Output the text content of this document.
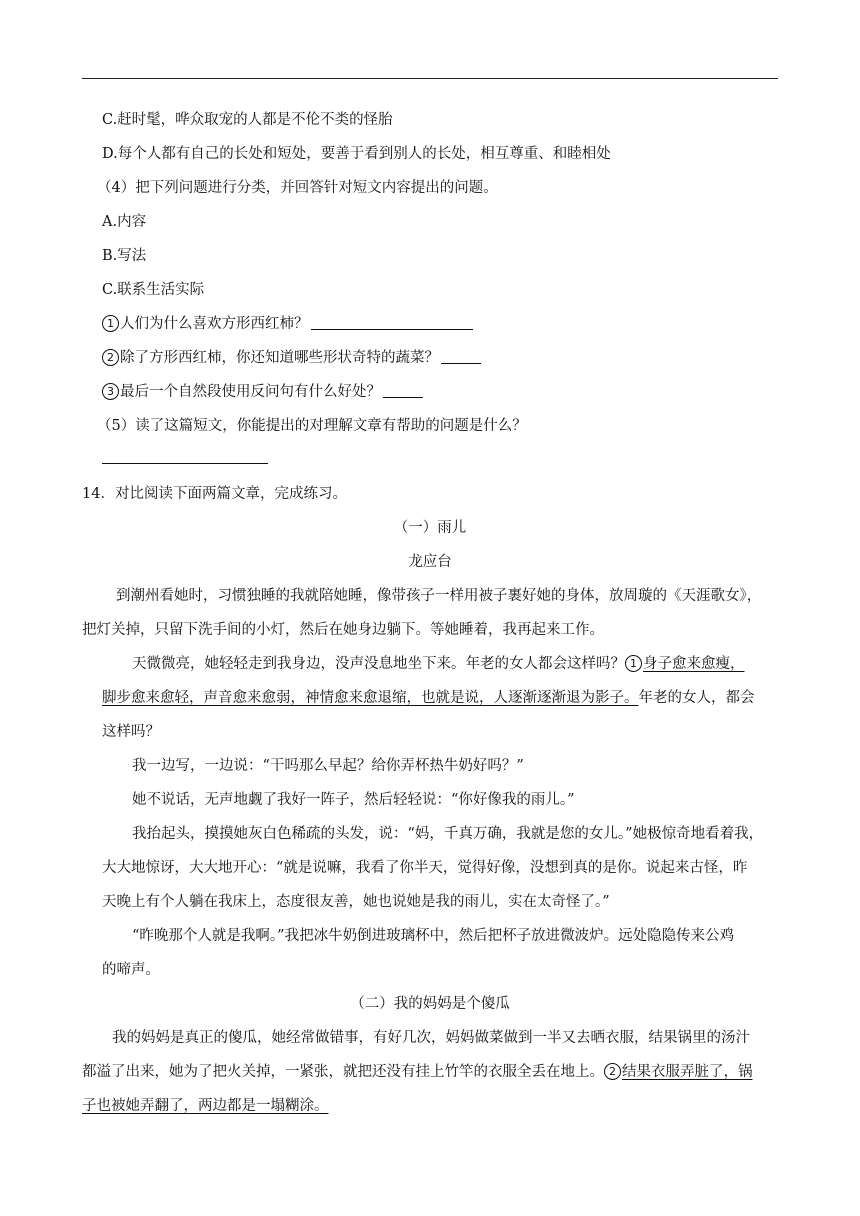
C.赶时髦，哗众取宠的人都是不伦不类的怪胎
D.每个人都有自己的长处和短处，要善于看到别人的长处，相互尊重、和睦相处
（4）把下列问题进行分类，并回答针对短文内容提出的问题。
A.内容
B.写法
C.联系生活实际
1 人们为什么喜欢方形西红柿？
2 除了方形西红柿，你还知道哪些形状奇特的蔬菜？
3 最后一个自然段使用反问句有什么好处？
（5）读了这篇短文，你能提出的对理解文章有帮助的问题是什么？
14．对比阅读下面两篇文章，完成练习。
（一）雨儿
龙应台
到潮州看她时，习惯独睡的我就陪她睡，像带孩子一样用被子裹好她的身体，放周璇的《天涯歌女》，
把灯关掉，只留下洗手间的小灯，然后在她身边躺下。等她睡着，我再起来工作。
天微微亮，她轻轻走到我身边，没声没息地坐下来。年老的女人都会这样吗？ 1 身子愈来愈瘦，
脚步愈来愈轻，声音愈来愈弱，神情愈来愈退缩，也就是说，人逐渐逐渐退为影子。年老的女人，都会
这样吗？
我一边写，一边说：“干吗那么早起？给你弄杯热牛奶好吗？”
她不说话，无声地觑了我好一阵子，然后轻轻说：“你好像我的雨儿。”
我抬起头，摸摸她灰白色稀疏的头发，说：“妈，千真万确，我就是您的女儿。”她极惊奇地看着我，
大大地惊讶，大大地开心：“就是说嘛，我看了你半天，觉得好像，没想到真的是你。说起来古怪，昨
天晚上有个人躺在我床上，态度很友善，她也说她是我的雨儿，实在太奇怪了。”
“昨晚那个人就是我啊。”我把冰牛奶倒进玻璃杯中，然后把杯子放进微波炉。远处隐隐传来公鸡
的啼声。
（二）我的妈妈是个傻瓜
我的妈妈是真正的傻瓜，她经常做错事，有好几次，妈妈做菜做到一半又去晒衣服，结果锅里的汤汁
都溢了出来，她为了把火关掉，一紧张，就把还没有挂上竹竿的衣服全丢在地上。 2 结果衣服弄脏了，锅
子也被她弄翻了，两边都是一塌糊涂。
